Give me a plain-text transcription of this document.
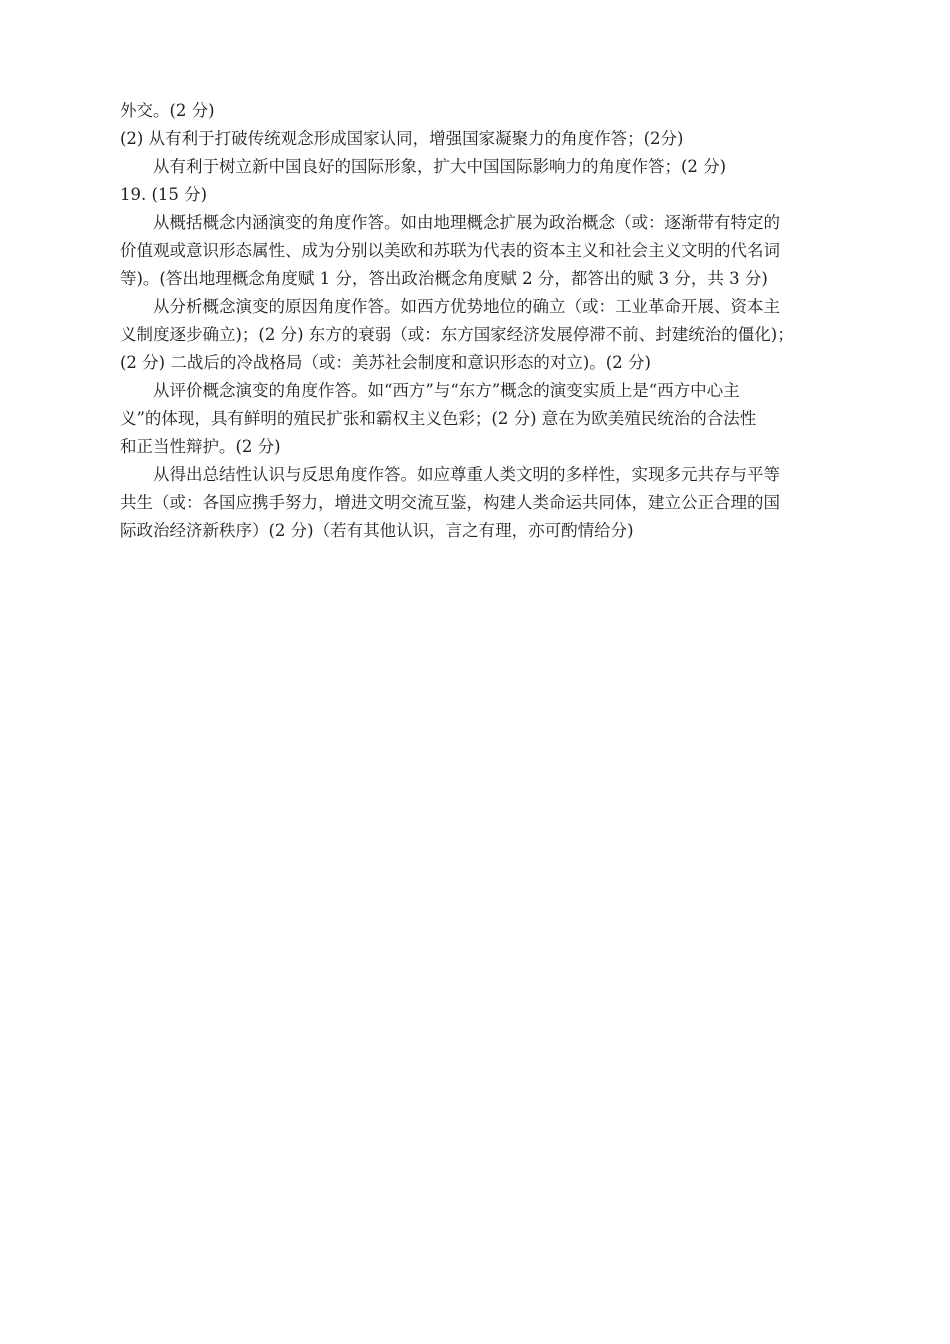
外交。(2 分)
(2) 从有利于打破传统观念形成国家认同，增强国家凝聚力的角度作答；(2分)
从有利于树立新中国良好的国际形象，扩大中国国际影响力的角度作答；(2 分)
19. (15 分)
从概括概念内涵演变的角度作答。如由地理概念扩展为政治概念（或：逐渐带有特定的
价值观或意识形态属性、成为分别以美欧和苏联为代表的资本主义和社会主义文明的代名词
等)。(答出地理概念角度赋 1 分，答出政治概念角度赋 2 分，都答出的赋 3 分，共 3 分)
从分析概念演变的原因角度作答。如西方优势地位的确立（或：工业革命开展、资本主
义制度逐步确立)；(2 分) 东方的衰弱（或：东方国家经济发展停滞不前、封建统治的僵化)；
(2 分) 二战后的冷战格局（或：美苏社会制度和意识形态的对立)。(2 分)
从评价概念演变的角度作答。如“西方”与“东方”概念的演变实质上是“西方中心主
义”的体现，具有鲜明的殖民扩张和霸权主义色彩；(2 分) 意在为欧美殖民统治的合法性
和正当性辩护。(2 分)
从得出总结性认识与反思角度作答。如应尊重人类文明的多样性，实现多元共存与平等
共生（或：各国应携手努力，增进文明交流互鉴，构建人类命运共同体，建立公正合理的国
际政治经济新秩序）(2 分)（若有其他认识，言之有理，亦可酌情给分)
